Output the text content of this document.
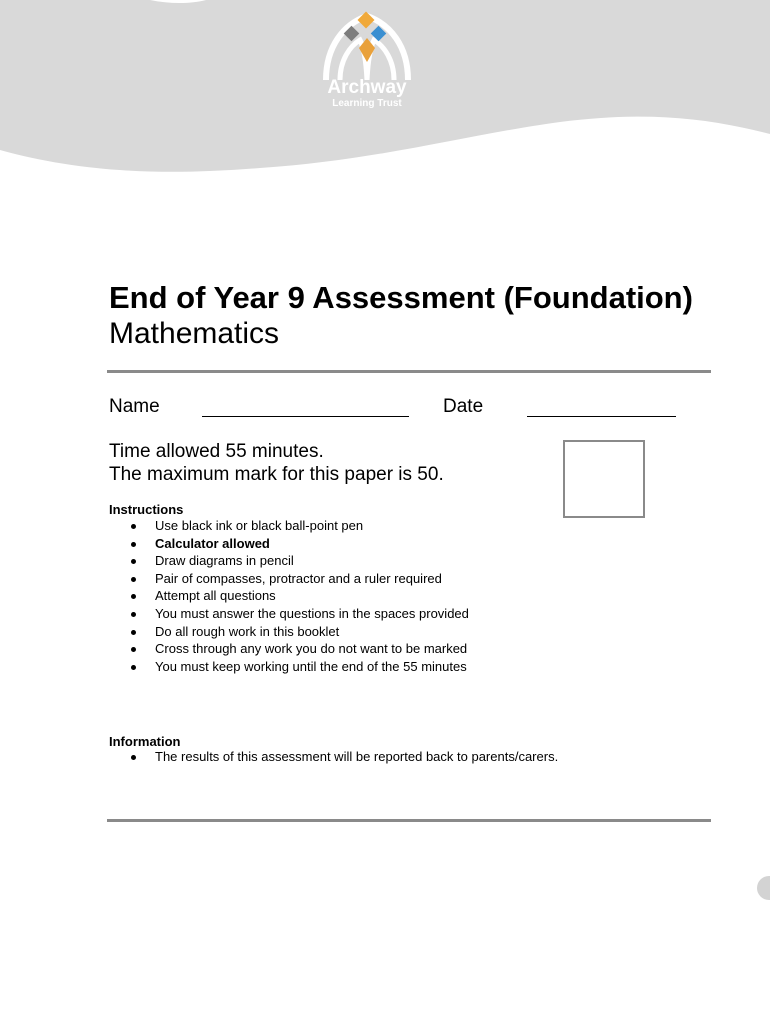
Archway
Learning Trust
End of Year 9 Assessment (Foundation)
Mathematics
Name	Date
Time allowed 55 minutes.
The maximum mark for this paper is 50.
Instructions
Use black ink or black ball-point pen
Calculator allowed
Draw diagrams in pencil
Pair of compasses, protractor and a ruler required
Attempt all questions
You must answer the questions in the spaces provided
Do all rough work in this booklet
Cross through any work you do not want to be marked
You must keep working until the end of the 55 minutes
Information
The results of this assessment will be reported back to parents/carers.
